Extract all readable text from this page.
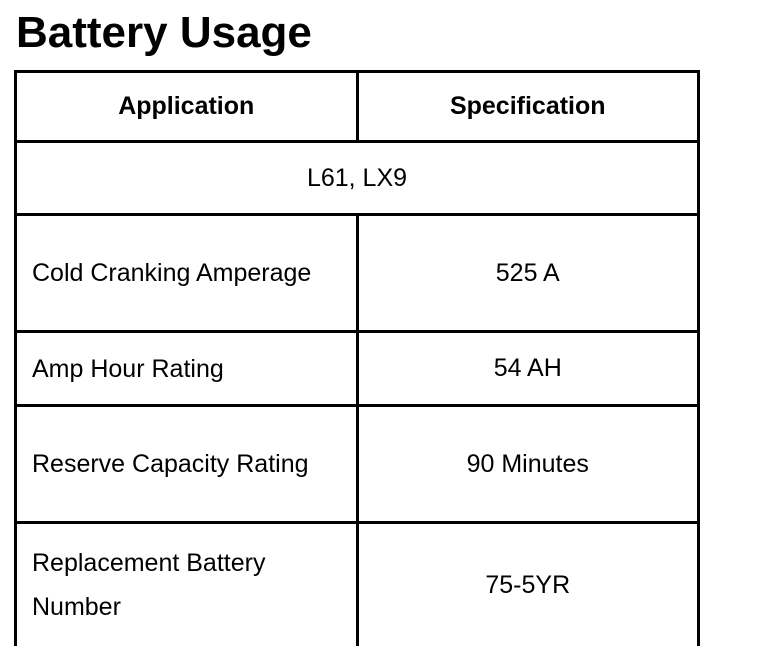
Battery Usage
Application	Specification
L61, LX9	
Cold Cranking Amperage	525 A
Amp Hour Rating	54 AH
Reserve Capacity Rating	90 Minutes
Replacement Battery Number	75-5YR
